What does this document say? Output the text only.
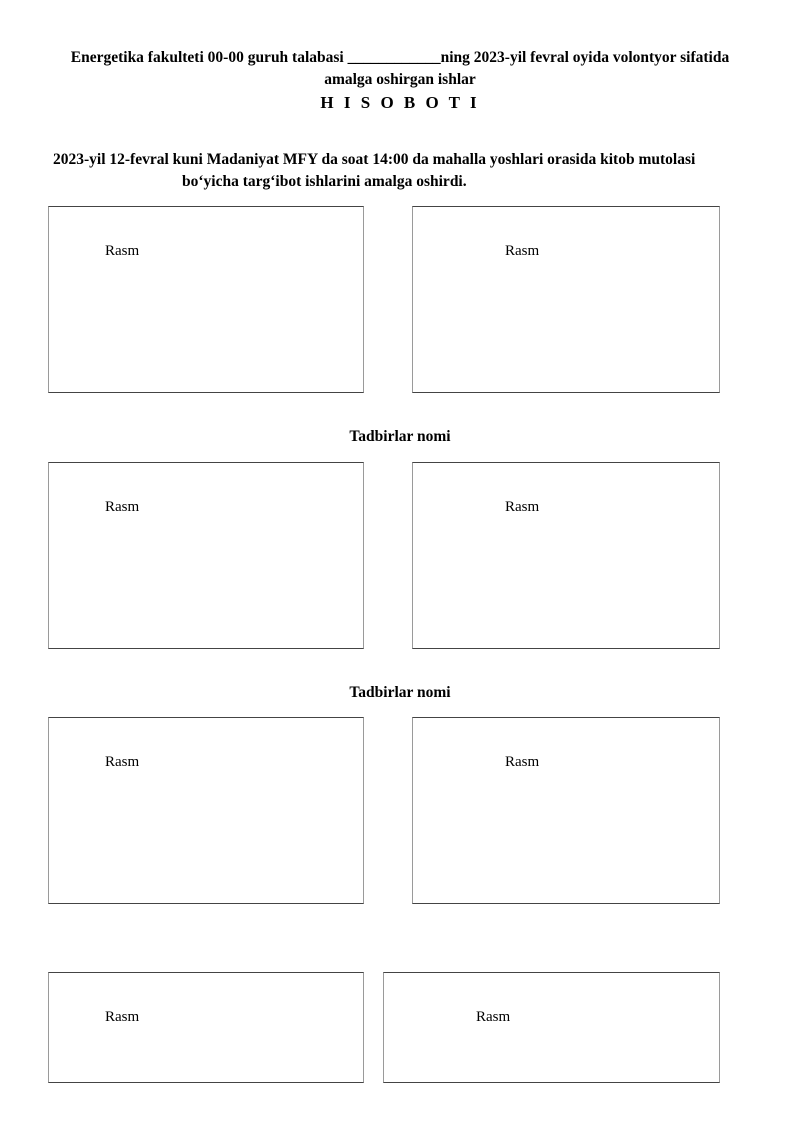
Energetika fakulteti 00-00 guruh talabasi ____________ning 2023-yil fevral oyida volontyor sifatida
amalga oshirgan ishlar
H I S O B O T I
2023-yil 12-fevral kuni Madaniyat MFY da soat 14:00 da mahalla yoshlari orasida kitob mutolasi
bo‘yicha targ‘ibot ishlarini amalga oshirdi.
Rasm	Rasm
Tadbirlar nomi
Rasm	Rasm
Tadbirlar nomi
Rasm	Rasm
Rasm	Rasm
